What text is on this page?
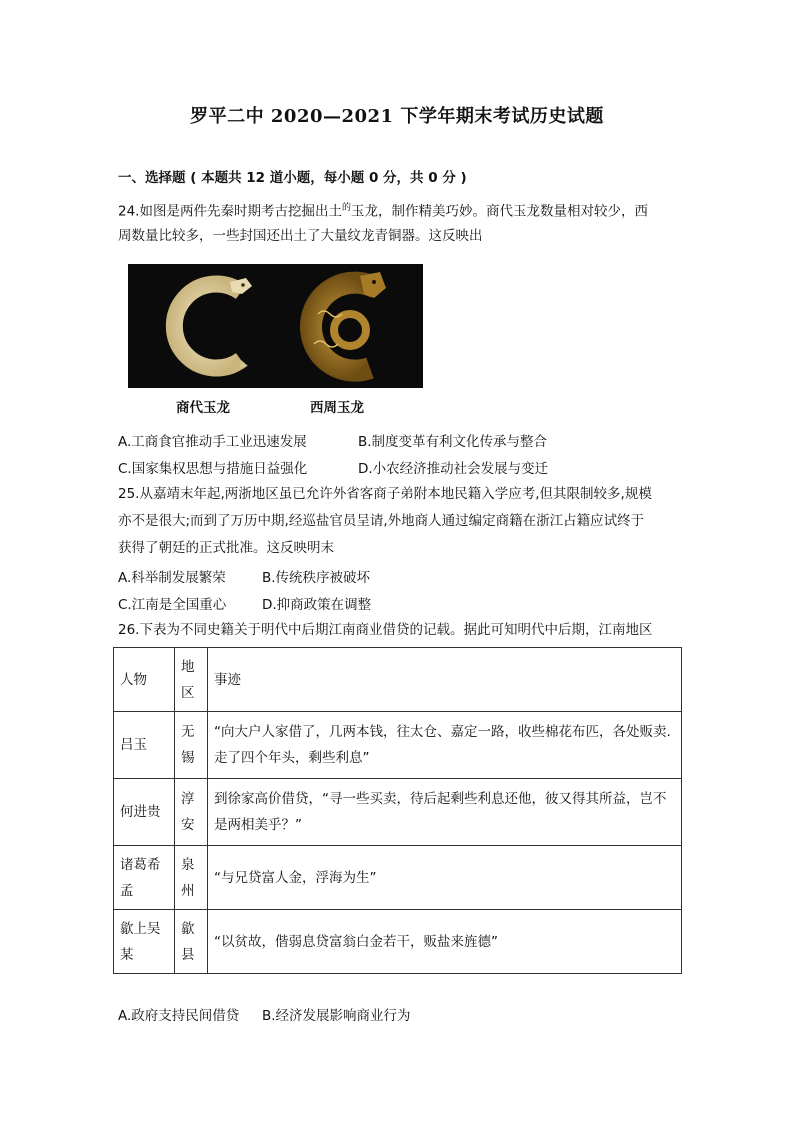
罗平二中 2020—2021 下学年期末考试历史试题
一、选择题 ( 本题共 12 道小题，每小题 0 分，共 0 分 )
24.如图是两件先秦时期考古挖掘出土$^的$玉龙，制作精美巧妙。商代玉龙数量相对较少，西
周数量比较多，一些封国还出土了大量纹龙青铜器。这反映出
商代玉龙	西周玉龙
A.工商食官推动手工业迅速发展	B.制度变革有利文化传承与整合
C.国家集权思想与措施日益强化	D.小农经济推动社会发展与变迁
25.从嘉靖末年起,两浙地区虽已允许外省客商子弟附本地民籍入学应考,但其限制较多,规模
亦不是很大;而到了万历中期,经巡盐官员呈请,外地商人通过编定商籍在浙江占籍应试终于
获得了朝廷的正式批准。这反映明末
A.科举制发展繁荣	B.传统秩序被破坏
C.江南是全国重心	D.抑商政策在调整
26.下表为不同史籍关于明代中后期江南商业借贷的记载。据此可知明代中后期，江南地区
人物	地区	事迹
吕玉	无锡	“向大户人家借了，几两本钱，往太仓、嘉定一路，收些棉花布匹，各处贩卖. 走了四个年头，剩些利息”
何进贵	淳安	到徐家高价借贷，“寻一些买卖，待后起剩些利息还他，彼又得其所益，岂不是两相美乎？”
诸葛希孟	泉州	“与兄贷富人金，浮海为生”
歙上吴某	歙县	“以贫故，偕弱息贷富翁白金若干，贩盐来旌德”
A.政府支持民间借贷 B.经济发展影响商业行为
